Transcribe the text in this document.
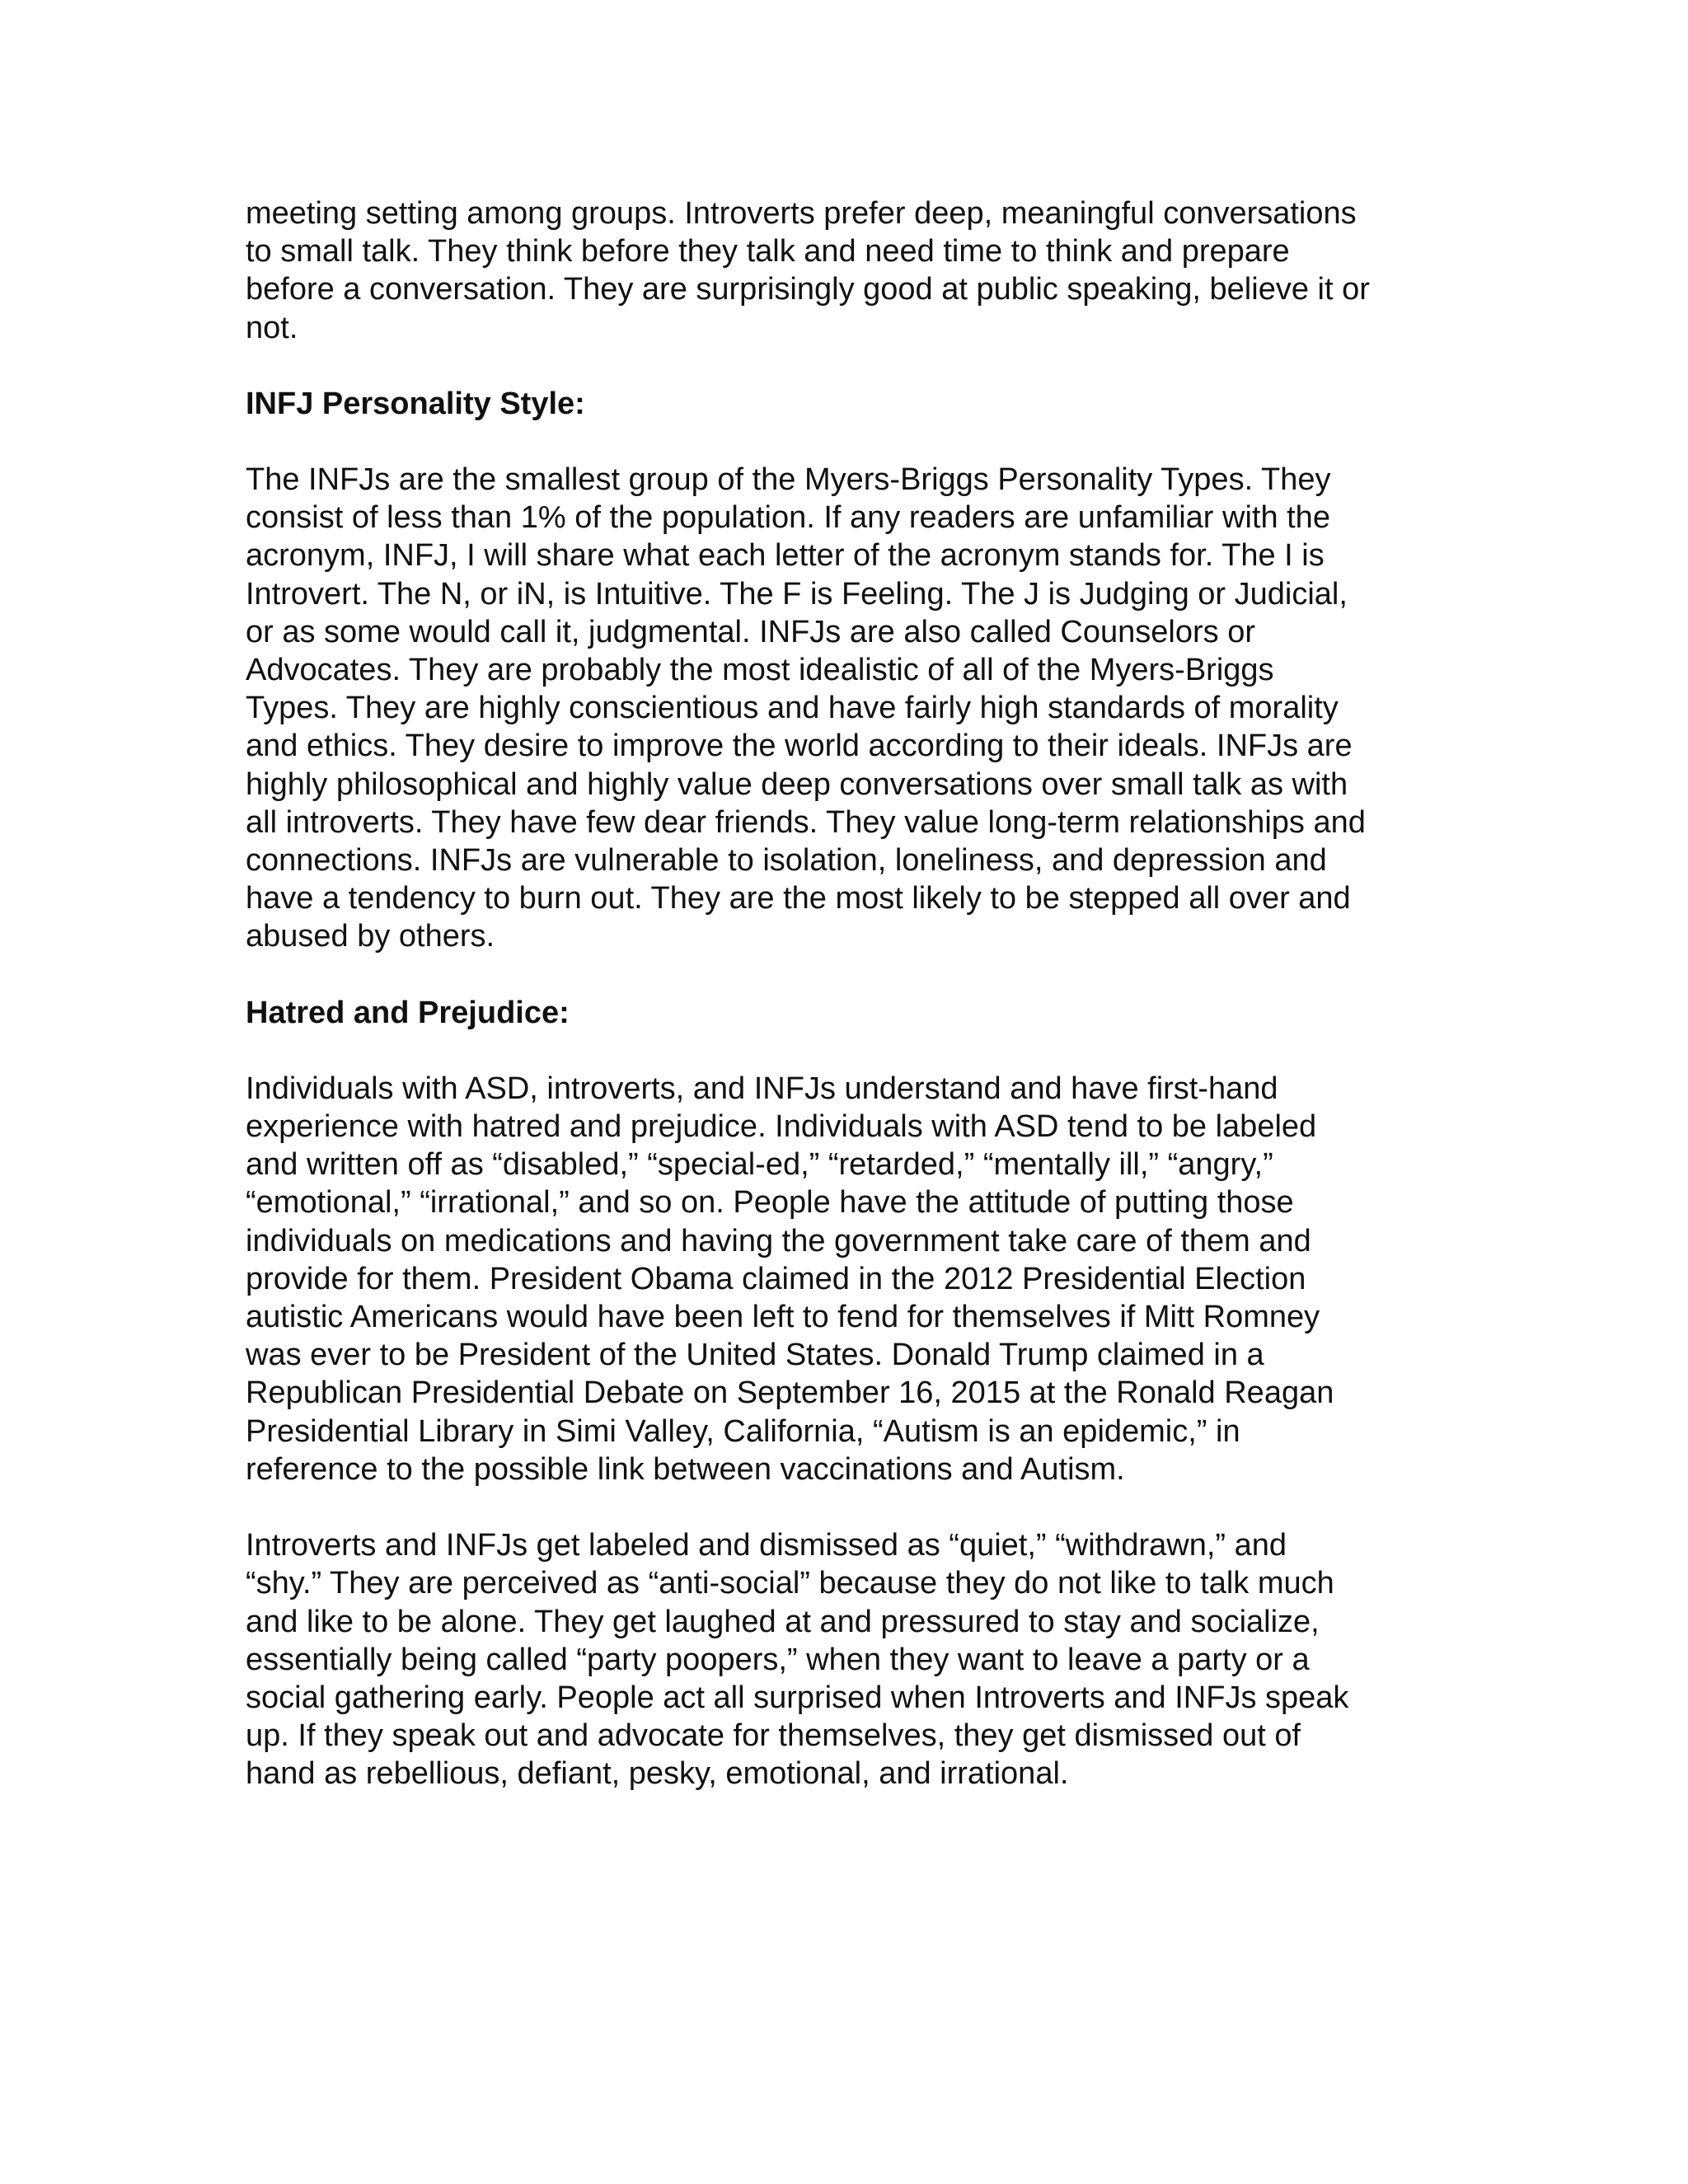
meeting setting among groups. Introverts prefer deep, meaningful conversations
to small talk. They think before they talk and need time to think and prepare
before a conversation. They are surprisingly good at public speaking, believe it or
not.

INFJ Personality Style:

The INFJs are the smallest group of the Myers-Briggs Personality Types. They
consist of less than 1% of the population. If any readers are unfamiliar with the
acronym, INFJ, I will share what each letter of the acronym stands for. The I is
Introvert. The N, or iN, is Intuitive. The F is Feeling. The J is Judging or Judicial,
or as some would call it, judgmental. INFJs are also called Counselors or
Advocates. They are probably the most idealistic of all of the Myers-Briggs
Types. They are highly conscientious and have fairly high standards of morality
and ethics. They desire to improve the world according to their ideals. INFJs are
highly philosophical and highly value deep conversations over small talk as with
all introverts. They have few dear friends. They value long-term relationships and
connections. INFJs are vulnerable to isolation, loneliness, and depression and
have a tendency to burn out. They are the most likely to be stepped all over and
abused by others.

Hatred and Prejudice:

Individuals with ASD, introverts, and INFJs understand and have first-hand
experience with hatred and prejudice. Individuals with ASD tend to be labeled
and written off as “disabled,” “special-ed,” “retarded,” “mentally ill,” “angry,”
“emotional,” “irrational,” and so on. People have the attitude of putting those
individuals on medications and having the government take care of them and
provide for them. President Obama claimed in the 2012 Presidential Election
autistic Americans would have been left to fend for themselves if Mitt Romney
was ever to be President of the United States. Donald Trump claimed in a
Republican Presidential Debate on September 16, 2015 at the Ronald Reagan
Presidential Library in Simi Valley, California, “Autism is an epidemic,” in
reference to the possible link between vaccinations and Autism.

Introverts and INFJs get labeled and dismissed as “quiet,” “withdrawn,” and
“shy.” They are perceived as “anti-social” because they do not like to talk much
and like to be alone. They get laughed at and pressured to stay and socialize,
essentially being called “party poopers,” when they want to leave a party or a
social gathering early. People act all surprised when Introverts and INFJs speak
up. If they speak out and advocate for themselves, they get dismissed out of
hand as rebellious, defiant, pesky, emotional, and irrational.
